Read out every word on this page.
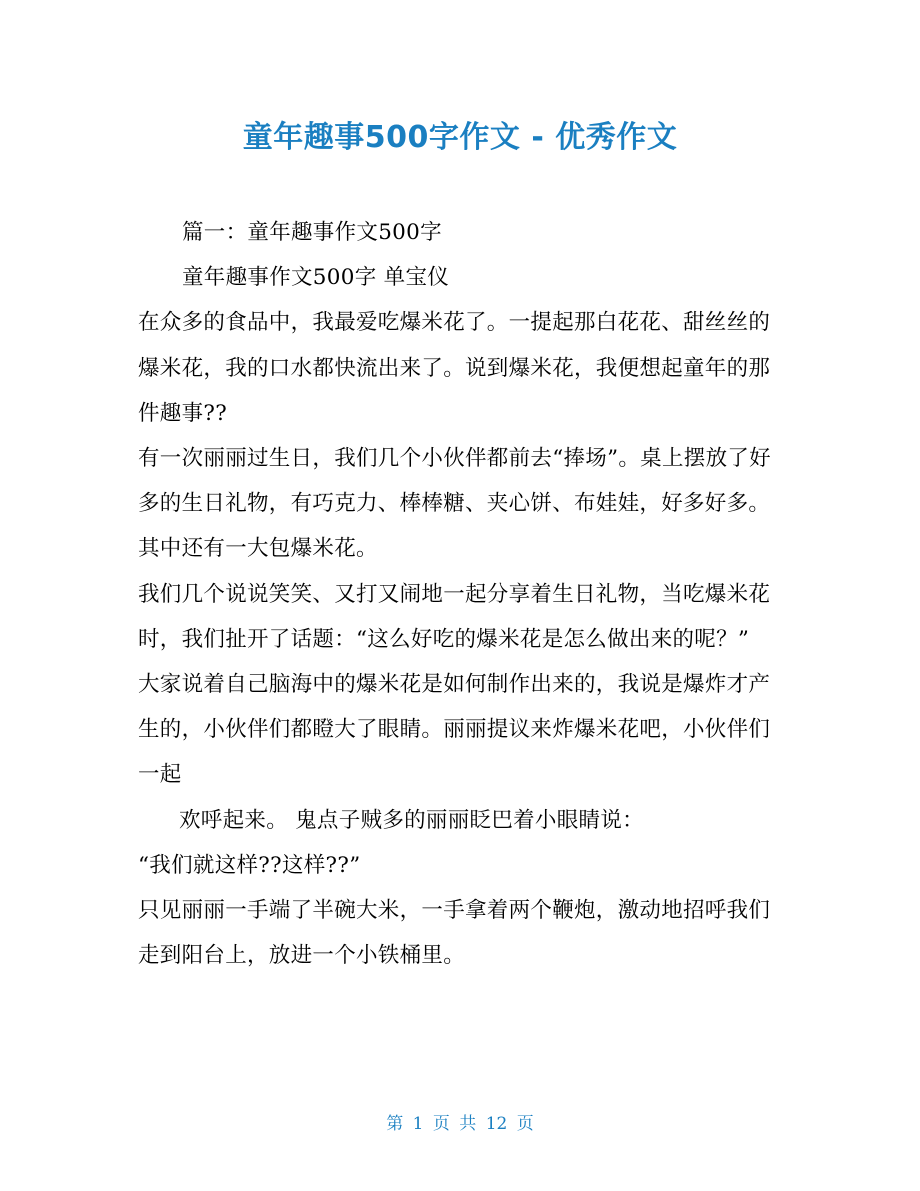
童年趣事500字作文 - 优秀作文

篇一：童年趣事作文500字

童年趣事作文500字 单宝仪

在众多的食品中，我最爱吃爆米花了。一提起那白花花、甜丝丝的爆米花，我的口水都快流出来了。说到爆米花，我便想起童年的那件趣事??

有一次丽丽过生日，我们几个小伙伴都前去“捧场”。桌上摆放了好多的生日礼物，有巧克力、棒棒糖、夹心饼、布娃娃，好多好多。其中还有一大包爆米花。

我们几个说说笑笑、又打又闹地一起分享着生日礼物，当吃爆米花时，我们扯开了话题：“这么好吃的爆米花是怎么做出来的呢？”

大家说着自己脑海中的爆米花是如何制作出来的，我说是爆炸才产生的，小伙伴们都瞪大了眼睛。丽丽提议来炸爆米花吧，小伙伴们一起

欢呼起来。 鬼点子贼多的丽丽眨巴着小眼睛说：

“我们就这样??这样??”

只见丽丽一手端了半碗大米，一手拿着两个鞭炮，激动地招呼我们走到阳台上，放进一个小铁桶里。

第 1 页 共 12 页
